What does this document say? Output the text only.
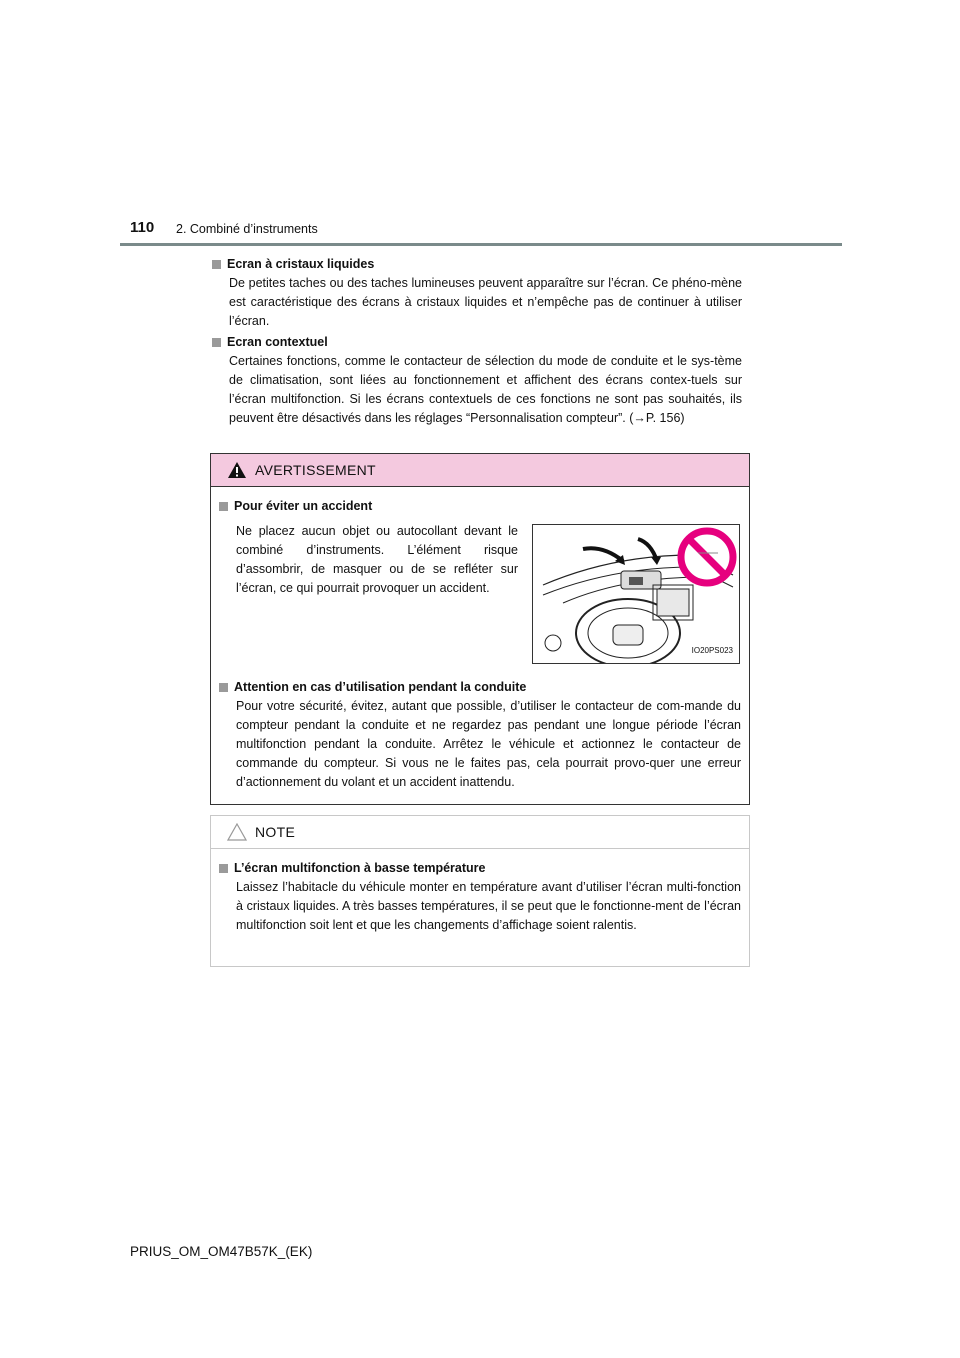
110 2. Combiné d’instruments
Ecran à cristaux liquides
De petites taches ou des taches lumineuses peuvent apparaître sur l’écran. Ce phéno-mène est caractéristique des écrans à cristaux liquides et n’empêche pas de continuer à utiliser l’écran.
Ecran contextuel
Certaines fonctions, comme le contacteur de sélection du mode de conduite et le sys-tème de climatisation, sont liées au fonctionnement et affichent des écrans contex-tuels sur l’écran multifonction. Si les écrans contextuels de ces fonctions ne sont pas souhaités, ils peuvent être désactivés dans les réglages “Personnalisation compteur”. (→P. 156)
AVERTISSEMENT
Pour éviter un accident
Ne placez aucun objet ou autocollant devant le combiné d’instruments. L’élément risque d’assombrir, de masquer ou de se refléter sur l’écran, ce qui pourrait provoquer un accident.
IO20PS023
Attention en cas d’utilisation pendant la conduite
Pour votre sécurité, évitez, autant que possible, d’utiliser le contacteur de com-mande du compteur pendant la conduite et ne regardez pas pendant une longue période l’écran multifonction pendant la conduite. Arrêtez le véhicule et actionnez le contacteur de commande du compteur. Si vous ne le faites pas, cela pourrait provo-quer une erreur d’actionnement du volant et un accident inattendu.
NOTE
L’écran multifonction à basse température
Laissez l’habitacle du véhicule monter en température avant d’utiliser l’écran multi-fonction à cristaux liquides. A très basses températures, il se peut que le fonctionne-ment de l’écran multifonction soit lent et que les changements d’affichage soient ralentis.
PRIUS_OM_OM47B57K_(EK)
